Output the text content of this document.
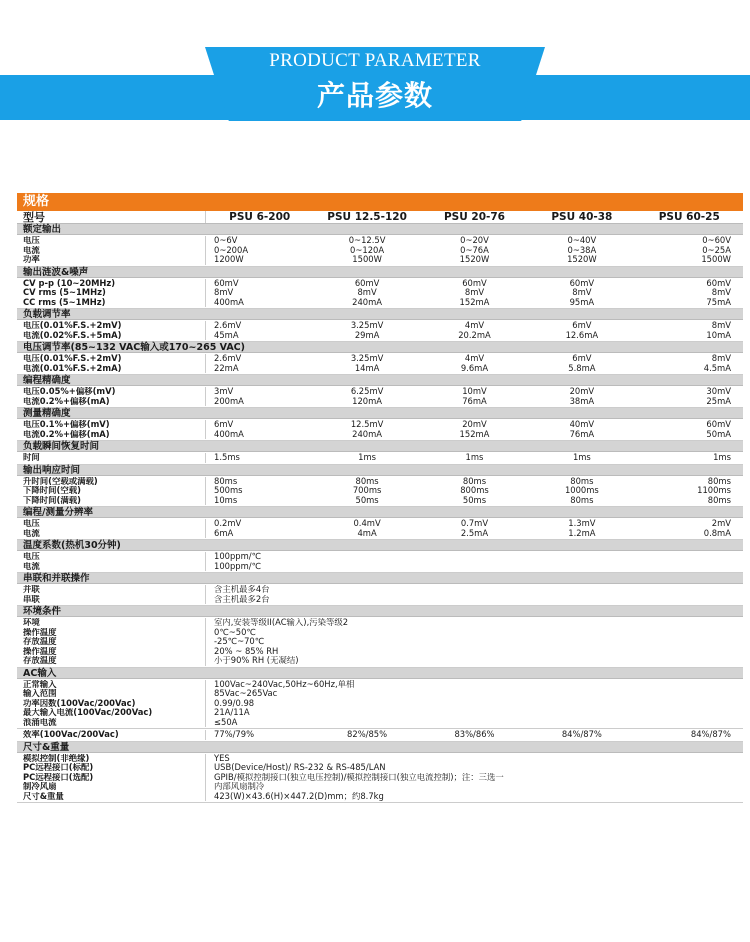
PRODUCT PARAMETER
产品参数
规格
型号	PSU 6-200	PSU 12.5-120	PSU 20-76	PSU 40-38	PSU 60-25
额定输出
电压	0~6V	0~12.5V	0~20V	0~40V	0~60V
电流	0~200A	0~120A	0~76A	0~38A	0~25A
功率	1200W	1500W	1520W	1520W	1500W
输出涟波&噪声
CV p-p (10~20MHz)	60mV	60mV	60mV	60mV	60mV
CV rms (5~1MHz)	8mV	8mV	8mV	8mV	8mV
CC rms (5~1MHz)	400mA	240mA	152mA	95mA	75mA
负载调节率
电压(0.01%F.S.+2mV)	2.6mV	3.25mV	4mV	6mV	8mV
电流(0.02%F.S.+5mA)	45mA	29mA	20.2mA	12.6mA	10mA
电压调节率(85~132 VAC输入或170~265 VAC)
电压(0.01%F.S.+2mV)	2.6mV	3.25mV	4mV	6mV	8mV
电流(0.01%F.S.+2mA)	22mA	14mA	9.6mA	5.8mA	4.5mA
编程精确度
电压0.05%+偏移(mV)	3mV	6.25mV	10mV	20mV	30mV
电流0.2%+偏移(mA)	200mA	120mA	76mA	38mA	25mA
测量精确度
电压0.1%+偏移(mV)	6mV	12.5mV	20mV	40mV	60mV
电流0.2%+偏移(mA)	400mA	240mA	152mA	76mA	50mA
负载瞬间恢复时间
时间	1.5ms	1ms	1ms	1ms	1ms
输出响应时间
升时间(空载或满载)	80ms	80ms	80ms	80ms	80ms
下降时间(空载)	500ms	700ms	800ms	1000ms	1100ms
下降时间(满载)	10ms	50ms	50ms	80ms	80ms
编程/测量分辨率
电压	0.2mV	0.4mV	0.7mV	1.3mV	2mV
电流	6mA	4mA	2.5mA	1.2mA	0.8mA
温度系数(热机30分钟)
电压	100ppm/℃
电流	100ppm/℃
串联和并联操作
并联	含主机最多4台
串联	含主机最多2台
环境条件
环境	室内,安装等级II(AC输入),污染等级2
操作温度	0℃~50℃
存放温度	-25℃~70℃
操作温度	20% ~ 85% RH
存放温度	小于90% RH (无凝结)
AC输入
正常输入	100Vac~240Vac,50Hz~60Hz,单相
输入范围	85Vac~265Vac
功率因数(100Vac/200Vac)	0.99/0.98
最大输入电流(100Vac/200Vac)	21A/11A
浪涌电流	≤50A
效率(100Vac/200Vac)	77%/79%	82%/85%	83%/86%	84%/87%	84%/87%
尺寸&重量
模拟控制(非绝缘)	YES
PC远程接口(标配)	USB(Device/Host)/ RS-232 & RS-485/LAN
PC远程接口(选配)	GPIB/模拟控制接口(独立电压控制)/模拟控制接口(独立电流控制)；注：三选一
制冷风扇	内部风扇制冷
尺寸&重量	423(W)×43.6(H)×447.2(D)mm；约8.7kg
